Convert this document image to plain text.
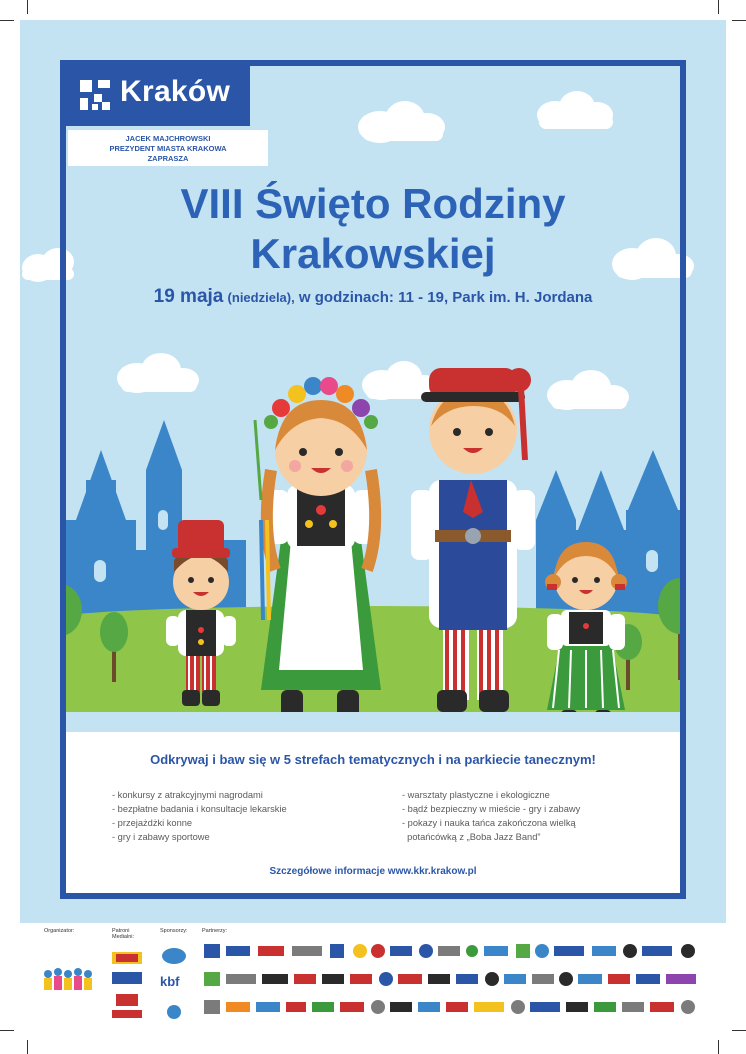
Kraków
JACEK MAJCHROWSKI
PREZYDENT MIASTA KRAKOWA
ZAPRASZA
VIII Święto Rodziny
Krakowskiej
19 maja (niedziela), w godzinach: 11 - 19, Park im. H. Jordana
Odkrywaj i baw się w 5 strefach tematycznych i na parkiecie tanecznym!
- konkursy z atrakcyjnymi nagrodami
- bezpłatne badania i konsultacje lekarskie
- przejażdżki konne
- gry i zabawy sportowe
- warsztaty plastyczne i ekologiczne
- bądź bezpieczny w mieście - gry i zabawy
- pokazy i nauka tańca zakończona wielką
potańcówką z „Boba Jazz Band”
Szczegółowe informacje www.kkr.krakow.pl
Organizator:	Patroni Medialni:
Sponsorzy:	Partnerzy:
kbf
